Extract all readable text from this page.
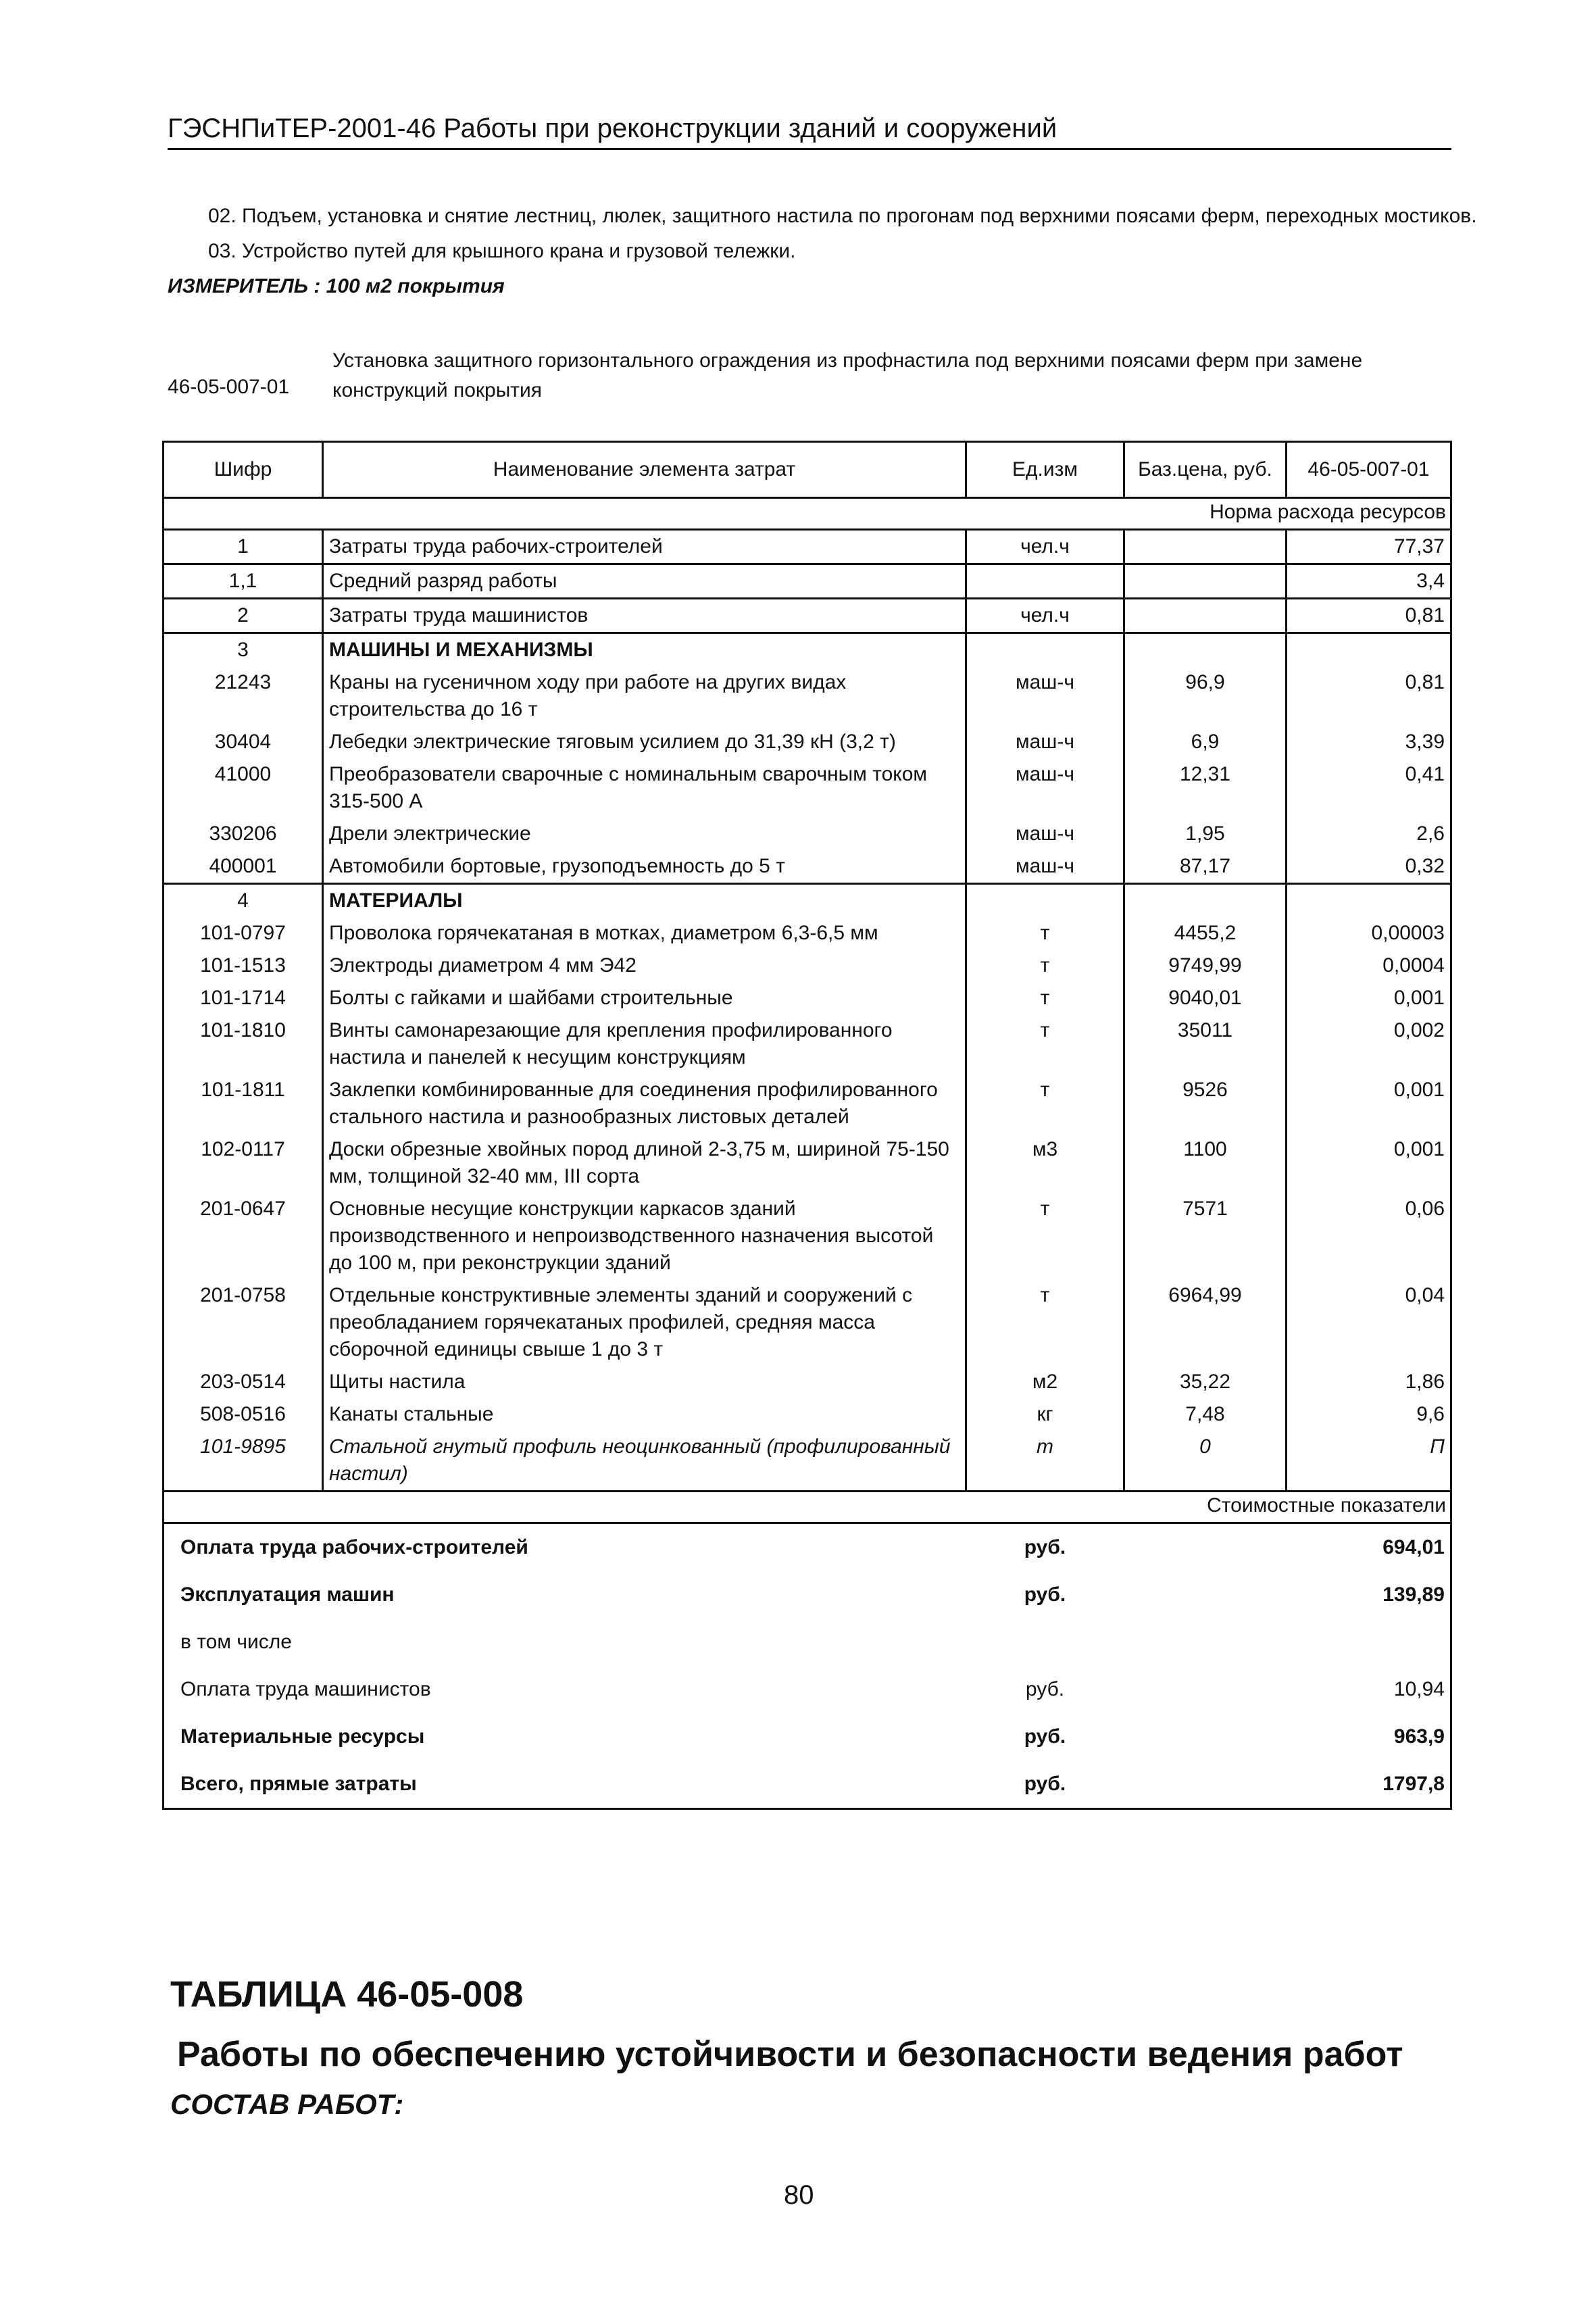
ГЭСНПиТЕР-2001-46 Работы при реконструкции зданий и сооружений

02. Подъем, установка и снятие лестниц, люлек, защитного настила по прогонам под верхними поясами ферм, переходных мостиков.

03. Устройство путей для крышного крана и грузовой тележки.

ИЗМЕРИТЕЛЬ : 100 м2 покрытия

46-05-007-01
Установка защитного горизонтального ограждения из профнастила под верхними поясами ферм при замене конструкций покрытия
Шифр	Наименование элемента затрат	Ед.изм	Баз.цена, руб.	46-05-007-01
Норма расхода ресурсов				
1	Затраты труда рабочих-строителей	чел.ч		77,37
1,1	Средний разряд работы			3,4
2	Затраты труда машинистов	чел.ч		0,81
3	МАШИНЫ И МЕХАНИЗМЫ			
21243	Краны на гусеничном ходу при работе на других видах строительства до 16 т	маш-ч	96,9	0,81
30404	Лебедки электрические тяговым усилием до 31,39 кН (3,2 т)	маш-ч	6,9	3,39
41000	Преобразователи сварочные с номинальным сварочным током 315-500 А	маш-ч	12,31	0,41
330206	Дрели электрические	маш-ч	1,95	2,6
400001	Автомобили бортовые, грузоподъемность до 5 т	маш-ч	87,17	0,32
4	МАТЕРИАЛЫ			
101-0797	Проволока горячекатаная в мотках, диаметром 6,3-6,5 мм	т	4455,2	0,00003
101-1513	Электроды диаметром 4 мм Э42	т	9749,99	0,0004
101-1714	Болты с гайками и шайбами строительные	т	9040,01	0,001
101-1810	Винты самонарезающие для крепления профилированного настила и панелей к несущим конструкциям	т	35011	0,002
101-1811	Заклепки комбинированные для соединения профилированного стального настила и разнообразных листовых деталей	т	9526	0,001
102-0117	Доски обрезные хвойных пород длиной 2-3,75 м, шириной 75-150 мм, толщиной 32-40 мм, III сорта	м3	1100	0,001
201-0647	Основные несущие конструкции каркасов зданий производственного и непроизводственного назначения высотой до 100 м, при реконструкции зданий	т	7571	0,06
201-0758	Отдельные конструктивные элементы зданий и сооружений с преобладанием горячекатаных профилей, средняя масса сборочной единицы свыше 1 до 3 т	т	6964,99	0,04
203-0514	Щиты настила	м2	35,22	1,86
508-0516	Канаты стальные	кг	7,48	9,6
101-9895	Стальной гнутый профиль неоцинкованный (профилированный настил)	т	0	П
Стоимостные показатели				
Оплата труда рабочих-строителей		руб.		694,01
Эксплуатация машин		руб.		139,89
в том числе				
Оплата труда машинистов		руб.		10,94
Материальные ресурсы		руб.		963,9
Всего, прямые затраты		руб.		1797,8
ТАБЛИЦА 46-05-008
Работы по обеспечению устойчивости и безопасности ведения работ
СОСТАВ РАБОТ:
80
